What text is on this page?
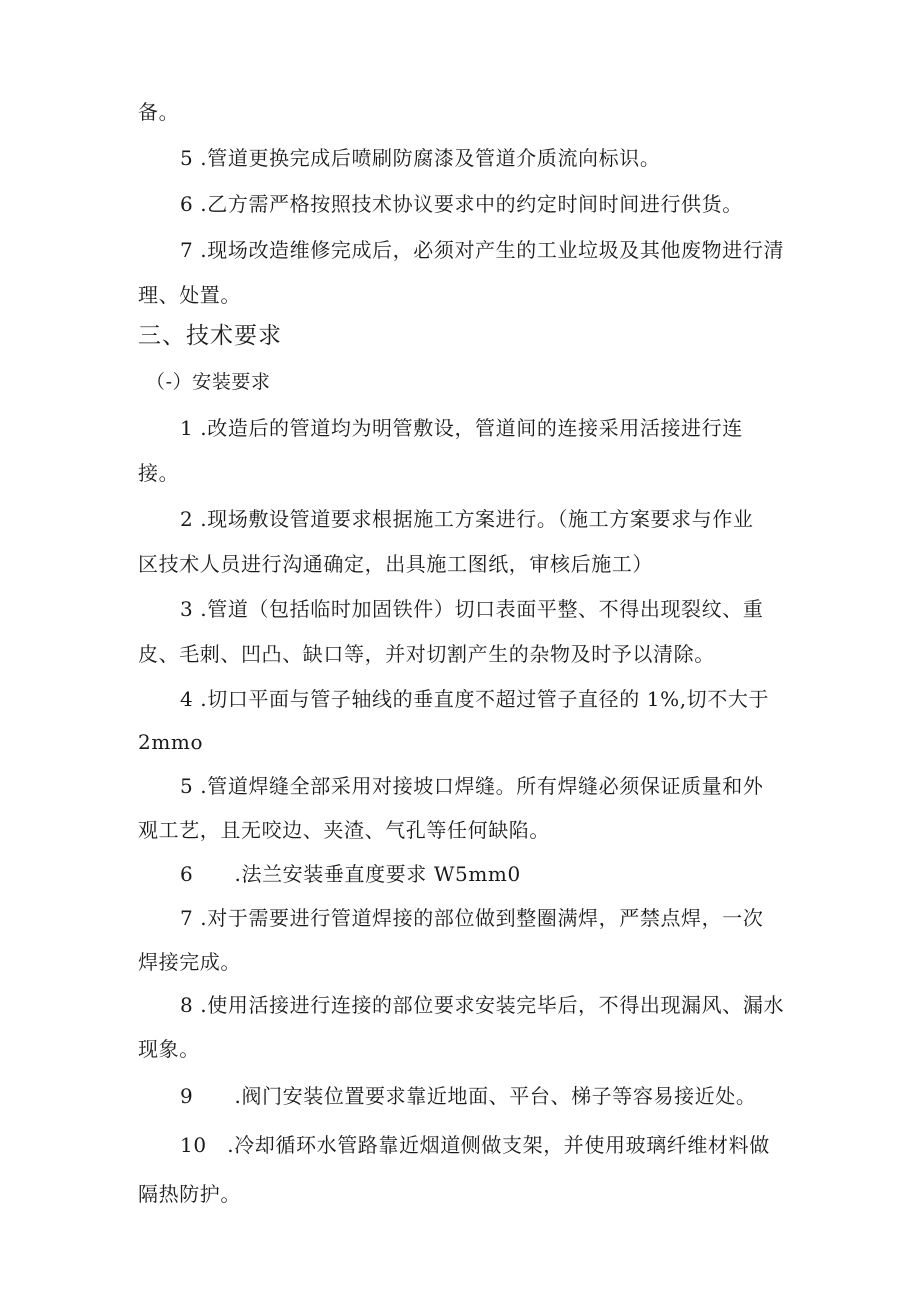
备。
5 .管道更换完成后喷刷防腐漆及管道介质流向标识。
6 .乙方需严格按照技术协议要求中的约定时间时间进行供货。
7 .现场改造维修完成后，必须对产生的工业垃圾及其他废物进行清
理、处置。
三、技术要求
（-）安装要求
1 .改造后的管道均为明管敷设，管道间的连接采用活接进行连
接。
2 .现场敷设管道要求根据施工方案进行。（施工方案要求与作业
区技术人员进行沟通确定，出具施工图纸，审核后施工）
3 .管道（包括临时加固铁件）切口表面平整、不得出现裂纹、重
皮、毛刺、凹凸、缺口等，并对切割产生的杂物及时予以清除。
4 .切口平面与管子轴线的垂直度不超过管子直径的 1%,切不大于
2mmo
5 .管道焊缝全部采用对接坡口焊缝。所有焊缝必须保证质量和外
观工艺，且无咬边、夹渣、气孔等任何缺陷。
6　　.法兰安装垂直度要求 W5mm0
7 .对于需要进行管道焊接的部位做到整圈满焊，严禁点焊，一次
焊接完成。
8 .使用活接进行连接的部位要求安装完毕后，不得出现漏风、漏水
现象。
9　　.阀门安装位置要求靠近地面、平台、梯子等容易接近处。
10　.冷却循环水管路靠近烟道侧做支架，并使用玻璃纤维材料做
隔热防护。
